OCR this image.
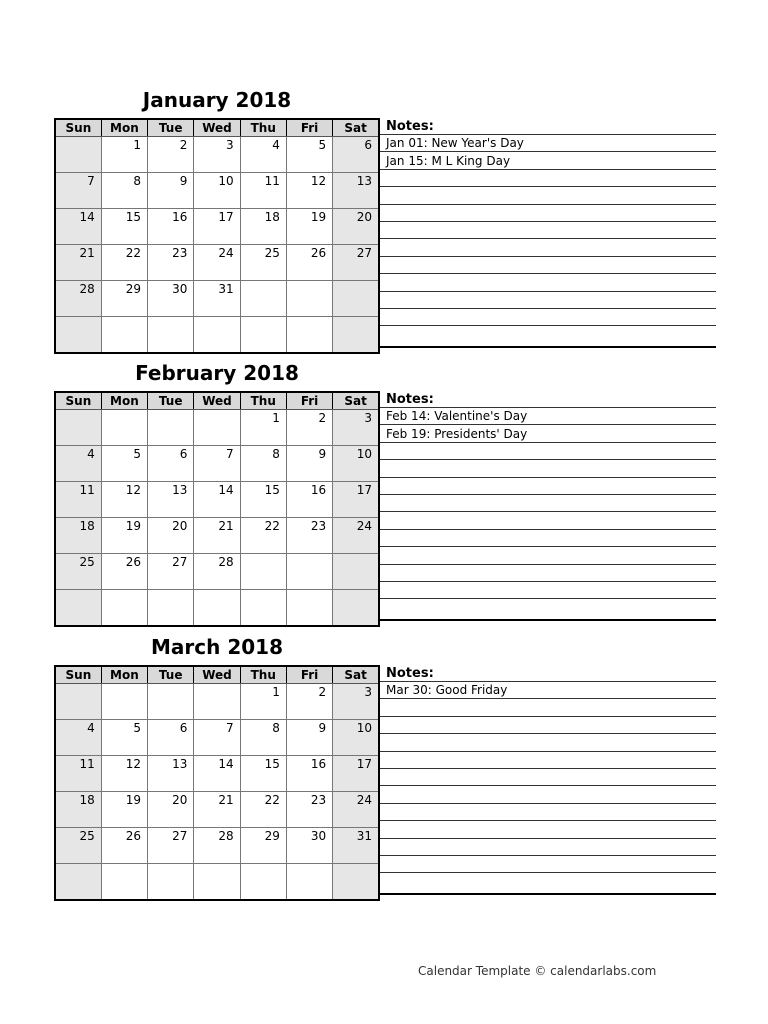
January 2018
Sun	Mon	Tue	Wed	Thu	Fri	Sat
	1	2	3	4	5	6
7	8	9	10	11	12	13
14	15	16	17	18	19	20
21	22	23	24	25	26	27
28	29	30	31			

Notes:
Jan 01: New Year's Day
Jan 15: M L King Day
February 2018
Sun	Mon	Tue	Wed	Thu	Fri	Sat
				1	2	3
4	5	6	7	8	9	10
11	12	13	14	15	16	17
18	19	20	21	22	23	24
25	26	27	28			

Notes:
Feb 14: Valentine's Day
Feb 19: Presidents' Day
March 2018
Sun	Mon	Tue	Wed	Thu	Fri	Sat
				1	2	3
4	5	6	7	8	9	10
11	12	13	14	15	16	17
18	19	20	21	22	23	24
25	26	27	28	29	30	31

Notes:
Mar 30: Good Friday
Calendar Template © calendarlabs.com
